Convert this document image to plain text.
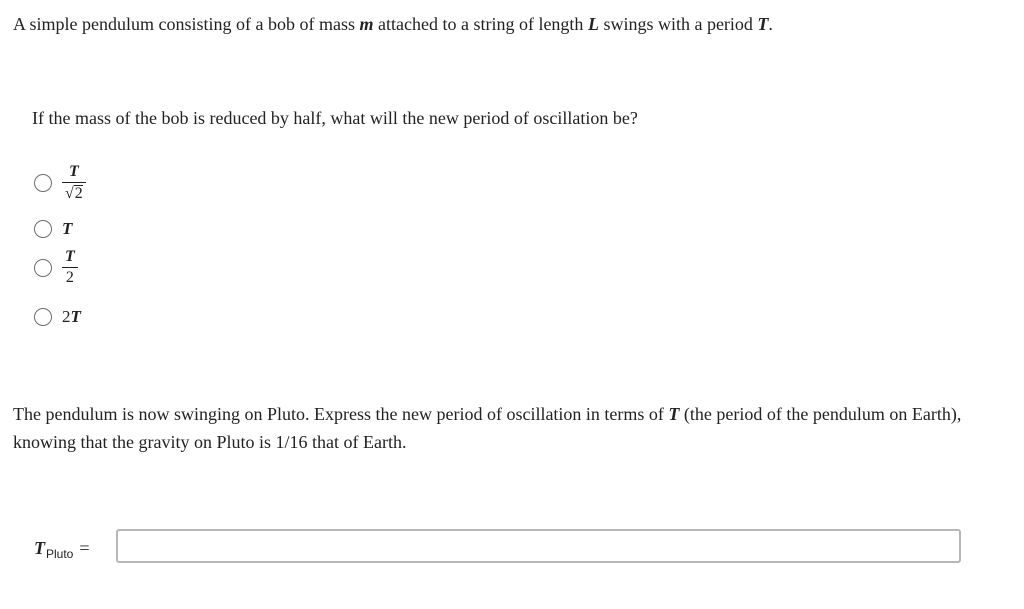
A simple pendulum consisting of a bob of mass m attached to a string of length L swings with a period T.

If the mass of the bob is reduced by half, what will the new period of oscillation be?

$\frac{T}{√2}$
T
$\frac{T}{2}$
2T

The pendulum is now swinging on Pluto. Express the new period of oscillation in terms of T (the period of the pendulum on Earth), knowing that the gravity on Pluto is 1/16 that of Earth.

$T_{Pluto}$ =
